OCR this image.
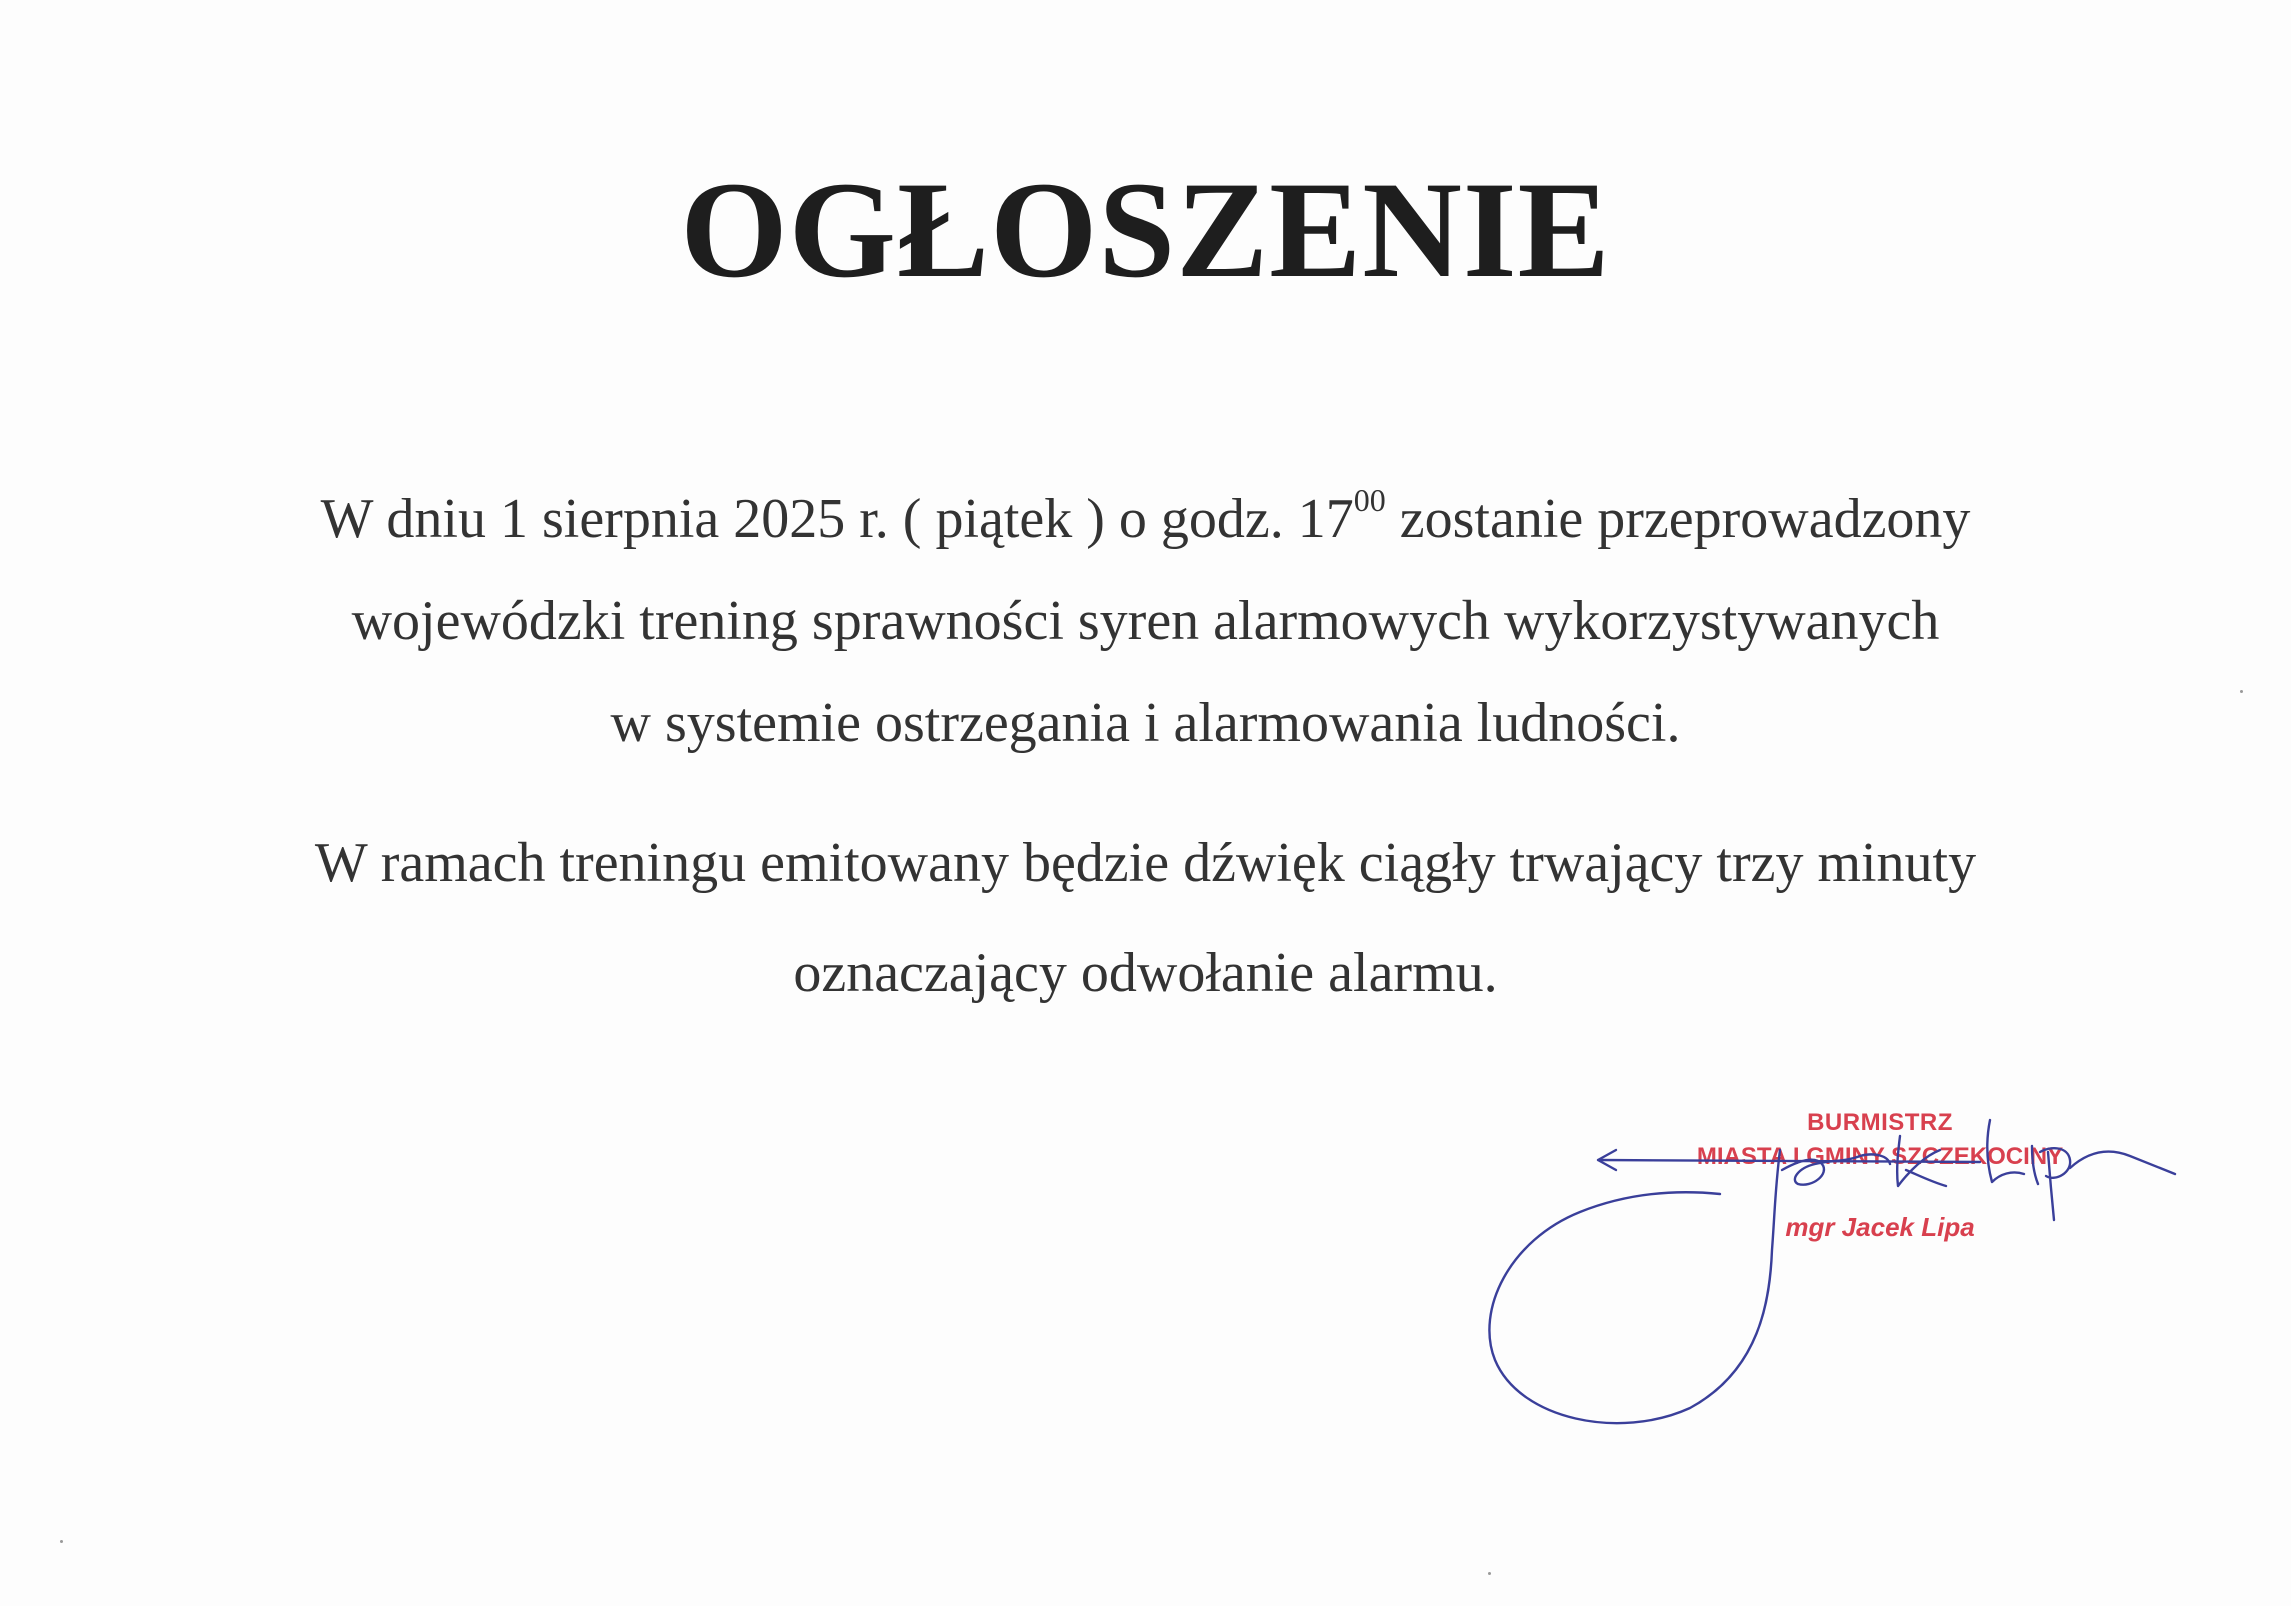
OGŁOSZENIE
W dniu 1 sierpnia 2025 r. ( piątek ) o godz. $17^{00}$ zostanie przeprowadzony
wojewódzki trening sprawności syren alarmowych wykorzystywanych
w systemie ostrzegania i alarmowania ludności.
W ramach treningu emitowany będzie dźwięk ciągły trwający trzy minuty
oznaczający odwołanie alarmu.
BURMISTRZ
MIASTA I GMINY SZCZEKOCINY
mgr Jacek Lipa
